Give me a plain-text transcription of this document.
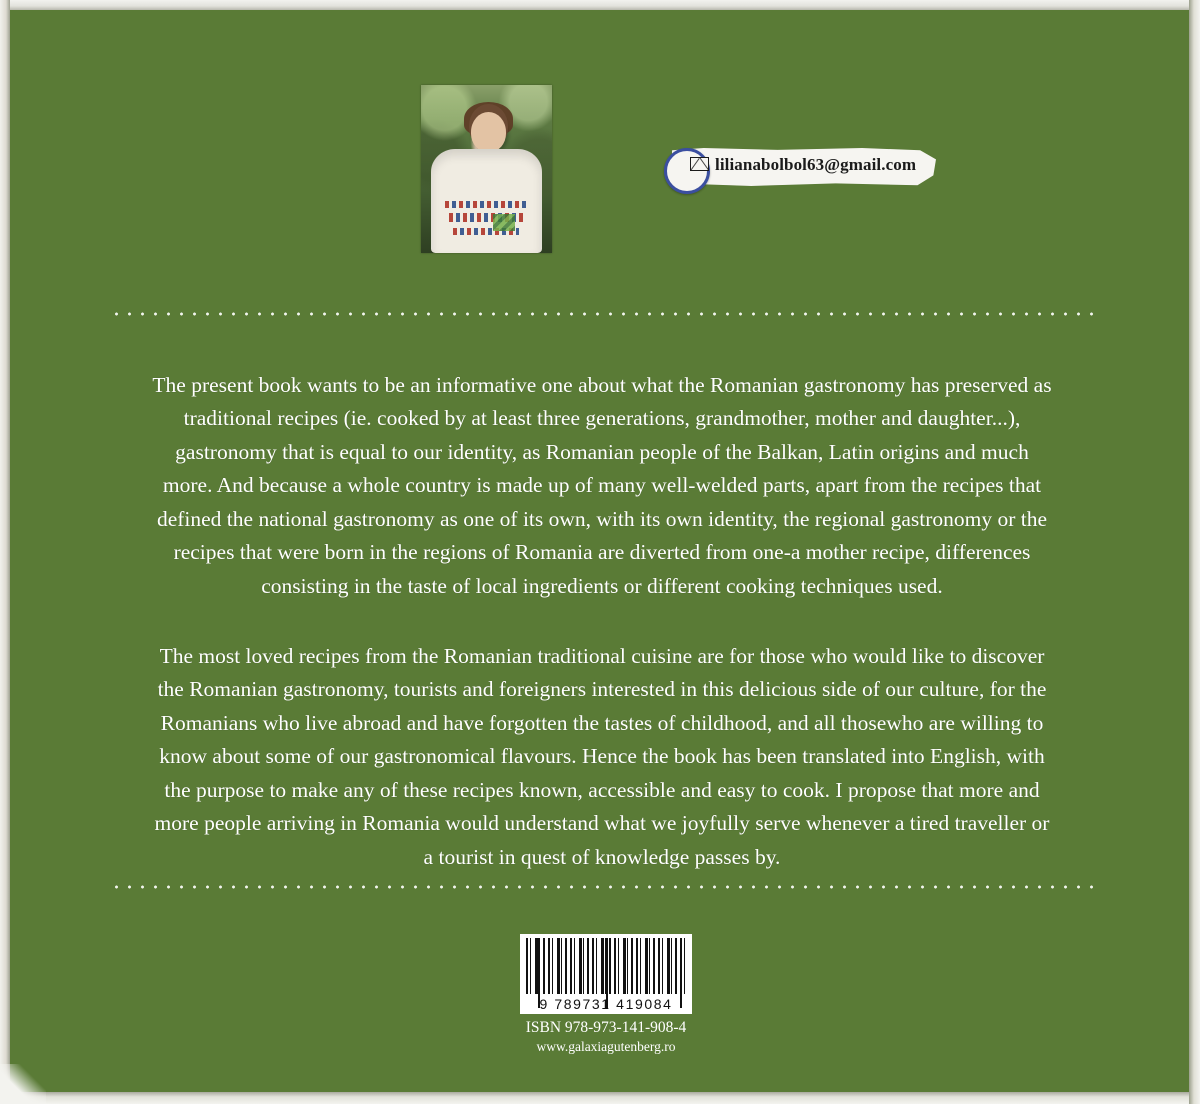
lilianabolbol63@gmail.com

The present book wants to be an informative one about what the Romanian gastronomy has preserved as traditional recipes (ie. cooked by at least three generations, grandmother, mother and daughter...), gastronomy that is equal to our identity, as Romanian people of the Balkan, Latin origins and much more. And because a whole country is made up of many well-welded parts, apart from the recipes that defined the national gastronomy as one of its own, with its own identity, the regional gastronomy or the recipes that were born in the regions of Romania are diverted from one-a mother recipe, differences consisting in the taste of local ingredients or different cooking techniques used.

The most loved recipes from the Romanian traditional cuisine are for those who would like to discover the Romanian gastronomy, tourists and foreigners interested in this delicious side of our culture, for the Romanians who live abroad and have forgotten the tastes of childhood, and all thosewho are willing to know about some of our gastronomical flavours. Hence the book has been translated into English, with the purpose to make any of these recipes known, accessible and easy to cook. I propose that more and more people arriving in Romania would understand what we joyfully serve whenever a tired traveller or a tourist in quest of knowledge passes by.

9 789731 419084
ISBN 978-973-141-908-4
www.galaxiagutenberg.ro
